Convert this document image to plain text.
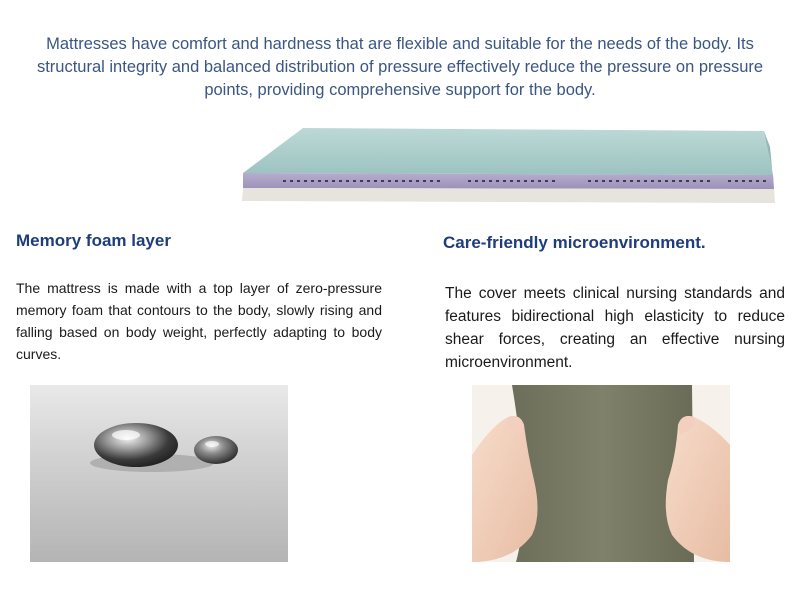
Mattresses have comfort and hardness that are flexible and suitable for the needs of the body. Its structural integrity and balanced distribution of pressure effectively reduce the pressure on pressure points, providing comprehensive support for the body.

Memory foam layer

The mattress is made with a top layer of zero-pressure memory foam that contours to the body, slowly rising and falling based on body weight, perfectly adapting to body curves.

Care-friendly microenvironment.

The cover meets clinical nursing standards and features bidirectional high elasticity to reduce shear forces, creating an effective nursing microenvironment.
